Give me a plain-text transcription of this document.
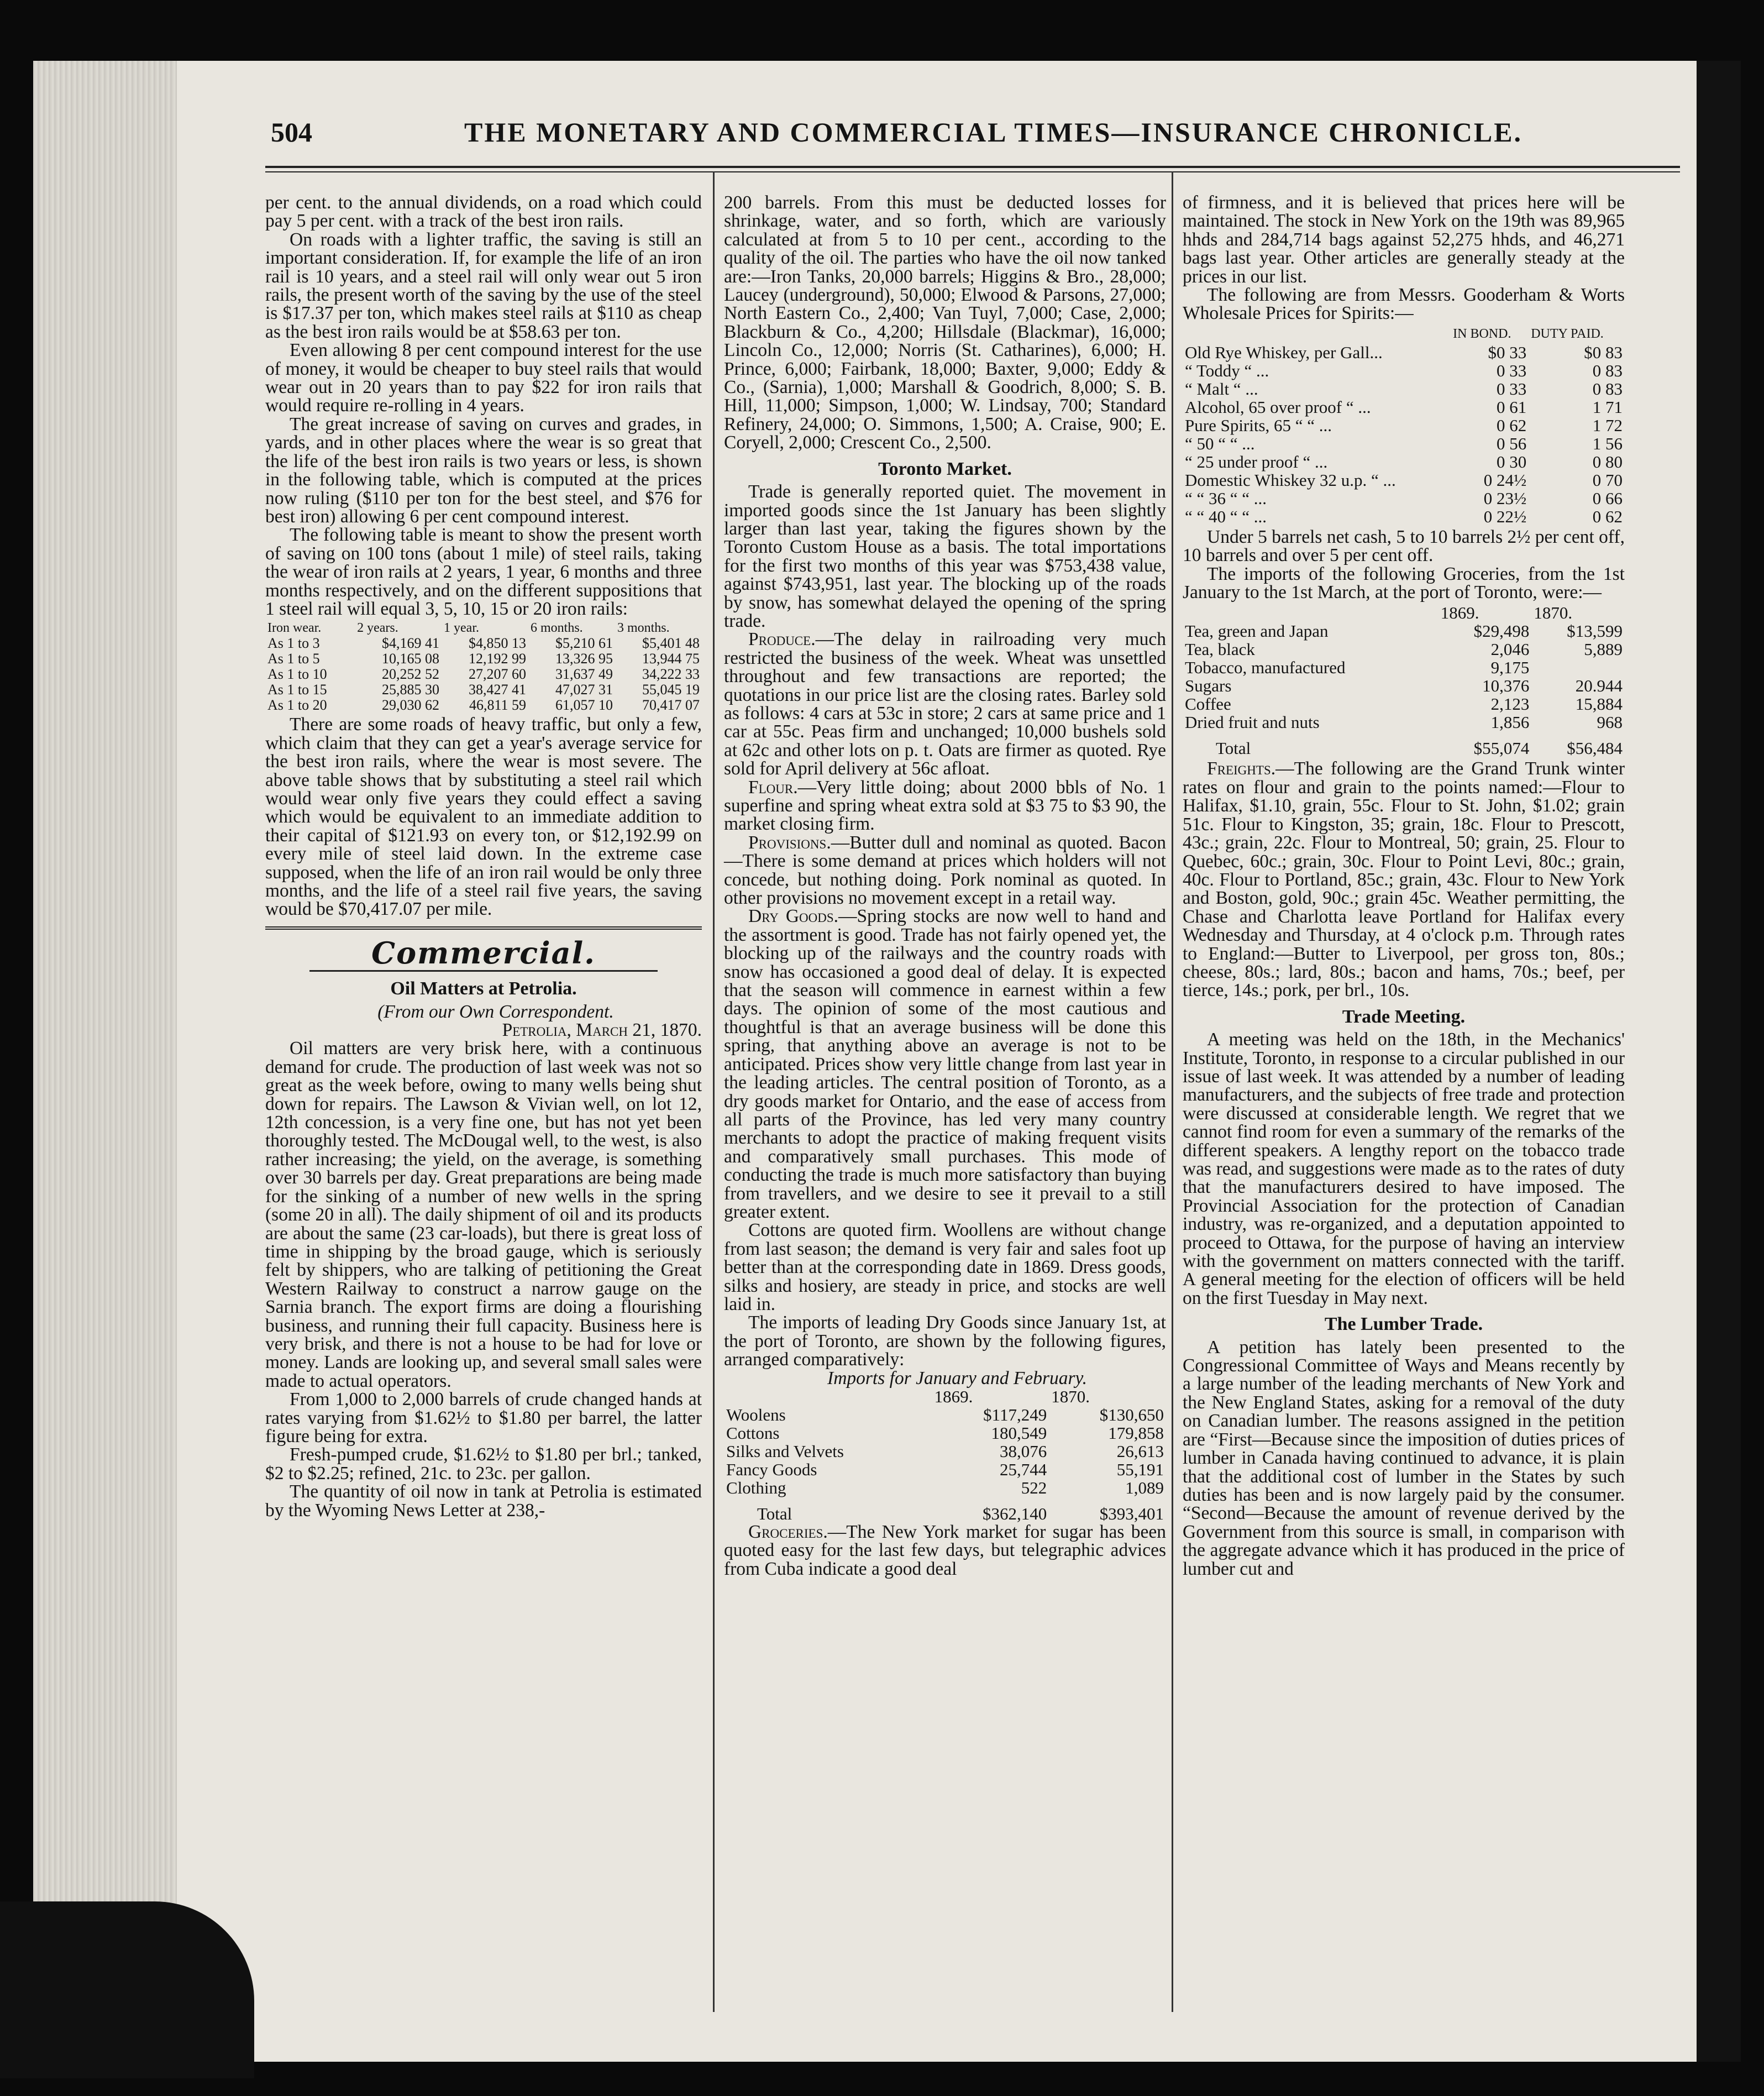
504	THE MONETARY AND COMMERCIAL TIMES—INSURANCE CHRONICLE.

per cent. to the annual dividends, on a road which could pay 5 per cent. with a track of the best iron rails.

On roads with a lighter traffic, the saving is still an important consideration. If, for example the life of an iron rail is 10 years, and a steel rail will only wear out 5 iron rails, the present worth of the saving by the use of the steel is $17.37 per ton, which makes steel rails at $110 as cheap as the best iron rails would be at $58.63 per ton.

Even allowing 8 per cent compound interest for the use of money, it would be cheaper to buy steel rails that would wear out in 20 years than to pay $22 for iron rails that would require re-rolling in 4 years.

The great increase of saving on curves and grades, in yards, and in other places where the wear is so great that the life of the best iron rails is two years or less, is shown in the following table, which is computed at the prices now ruling ($110 per ton for the best steel, and $76 for best iron) allowing 6 per cent compound interest.

The following table is meant to show the present worth of saving on 100 tons (about 1 mile) of steel rails, taking the wear of iron rails at 2 years, 1 year, 6 months and three months respectively, and on the different suppositions that 1 steel rail will equal 3, 5, 10, 15 or 20 iron rails:

Iron wear.	2 years.	1 year.	6 months.	3 months.
As 1 to 3	$4,169 41	$4,850 13	$5,210 61	$5,401 48
As 1 to 5	10,165 08	12,192 99	13,326 95	13,944 75
As 1 to 10	20,252 52	27,207 60	31,637 49	34,222 33
As 1 to 15	25,885 30	38,427 41	47,027 31	55,045 19
As 1 to 20	29,030 62	46,811 59	61,057 10	70,417 07

There are some roads of heavy traffic, but only a few, which claim that they can get a year's average service for the best iron rails, where the wear is most severe. The above table shows that by substituting a steel rail which would wear only five years they could effect a saving which would be equivalent to an immediate addition to their capital of $121.93 on every ton, or $12,192.99 on every mile of steel laid down. In the extreme case supposed, when the life of an iron rail would be only three months, and the life of a steel rail five years, the saving would be $70,417.07 per mile.

Commercial.
Oil Matters at Petrolia.

(From our Own Correspondent.

Petrolia, March 21, 1870.

Oil matters are very brisk here, with a continuous demand for crude. The production of last week was not so great as the week before, owing to many wells being shut down for repairs. The Lawson & Vivian well, on lot 12, 12th concession, is a very fine one, but has not yet been thoroughly tested. The McDougal well, to the west, is also rather increasing; the yield, on the average, is something over 30 barrels per day. Great preparations are being made for the sinking of a number of new wells in the spring (some 20 in all). The daily shipment of oil and its products are about the same (23 car-loads), but there is great loss of time in shipping by the broad gauge, which is seriously felt by shippers, who are talking of petitioning the Great Western Railway to construct a narrow gauge on the Sarnia branch. The export firms are doing a flourishing business, and running their full capacity. Business here is very brisk, and there is not a house to be had for love or money. Lands are looking up, and several small sales were made to actual operators.

From 1,000 to 2,000 barrels of crude changed hands at rates varying from $1.62½ to $1.80 per barrel, the latter figure being for extra.

Fresh-pumped crude, $1.62½ to $1.80 per brl.; tanked, $2 to $2.25; refined, 21c. to 23c. per gallon.

The quantity of oil now in tank at Petrolia is estimated by the Wyoming News Letter at 238,-

200 barrels. From this must be deducted losses for shrinkage, water, and so forth, which are variously calculated at from 5 to 10 per cent., according to the quality of the oil. The parties who have the oil now tanked are:—Iron Tanks, 20,000 barrels; Higgins & Bro., 28,000; Laucey (underground), 50,000; Elwood & Parsons, 27,000; North Eastern Co., 2,400; Van Tuyl, 7,000; Case, 2,000; Blackburn & Co., 4,200; Hillsdale (Blackmar), 16,000; Lincoln Co., 12,000; Norris (St. Catharines), 6,000; H. Prince, 6,000; Fairbank, 18,000; Baxter, 9,000; Eddy & Co., (Sarnia), 1,000; Marshall & Goodrich, 8,000; S. B. Hill, 11,000; Simpson, 1,000; W. Lindsay, 700; Standard Refinery, 24,000; O. Simmons, 1,500; A. Craise, 900; E. Coryell, 2,000; Crescent Co., 2,500.

Toronto Market.

Trade is generally reported quiet. The movement in imported goods since the 1st January has been slightly larger than last year, taking the figures shown by the Toronto Custom House as a basis. The total importations for the first two months of this year was $753,438 value, against $743,951, last year. The blocking up of the roads by snow, has somewhat delayed the opening of the spring trade.

Produce.—The delay in railroading very much restricted the business of the week. Wheat was unsettled throughout and few transactions are reported; the quotations in our price list are the closing rates. Barley sold as follows: 4 cars at 53c in store; 2 cars at same price and 1 car at 55c. Peas firm and unchanged; 10,000 bushels sold at 62c and other lots on p. t. Oats are firmer as quoted. Rye sold for April delivery at 56c afloat.

Flour.—Very little doing; about 2000 bbls of No. 1 superfine and spring wheat extra sold at $3 75 to $3 90, the market closing firm.

Provisions.—Butter dull and nominal as quoted. Bacon—There is some demand at prices which holders will not concede, but nothing doing. Pork nominal as quoted. In other provisions no movement except in a retail way.

Dry Goods.—Spring stocks are now well to hand and the assortment is good. Trade has not fairly opened yet, the blocking up of the railways and the country roads with snow has occasioned a good deal of delay. It is expected that the season will commence in earnest within a few days. The opinion of some of the most cautious and thoughtful is that an average business will be done this spring, that anything above an average is not to be anticipated. Prices show very little change from last year in the leading articles. The central position of Toronto, as a dry goods market for Ontario, and the ease of access from all parts of the Province, has led very many country merchants to adopt the practice of making frequent visits and comparatively small purchases. This mode of conducting the trade is much more satisfactory than buying from travellers, and we desire to see it prevail to a still greater extent.

Cottons are quoted firm. Woollens are without change from last season; the demand is very fair and sales foot up better than at the corresponding date in 1869. Dress goods, silks and hosiery, are steady in price, and stocks are well laid in.

The imports of leading Dry Goods since January 1st, at the port of Toronto, are shown by the following figures, arranged comparatively:

Imports for January and February.

	1869.	1870.
Woolens	$117,249	$130,650
Cottons	180,549	179,858
Silks and Velvets	38,076	26,613
Fancy Goods	25,744	55,191
Clothing	522	1,089
Total	$362,140	$393,401

Groceries.—The New York market for sugar has been quoted easy for the last few days, but telegraphic advices from Cuba indicate a good deal

of firmness, and it is believed that prices here will be maintained. The stock in New York on the 19th was 89,965 hhds and 284,714 bags against 52,275 hhds, and 46,271 bags last year. Other articles are generally steady at the prices in our list.

The following are from Messrs. Gooderham & Worts Wholesale Prices for Spirits:—

	IN BOND.	DUTY PAID.
Old Rye Whiskey, per Gall...	$0 33	$0 83
“ Toddy “ ...	0 33	0 83
“ Malt “ ...	0 33	0 83
Alcohol, 65 over proof “ ...	0 61	1 71
Pure Spirits, 65 “ “ ...	0 62	1 72
“ 50 “ “ ...	0 56	1 56
“ 25 under proof “ ...	0 30	0 80
Domestic Whiskey 32 u.p. “ ...	0 24½	0 70
“ “ 36 “ “ ...	0 23½	0 66
“ “ 40 “ “ ...	0 22½	0 62

Under 5 barrels net cash, 5 to 10 barrels 2½ per cent off, 10 barrels and over 5 per cent off.

The imports of the following Groceries, from the 1st January to the 1st March, at the port of Toronto, were:—

	1869.	1870.
Tea, green and Japan	$29,498	$13,599
Tea, black	2,046	5,889
Tobacco, manufactured	9,175	
Sugars	10,376	20.944
Coffee	2,123	15,884
Dried fruit and nuts	1,856	968
Total	$55,074	$56,484

Freights.—The following are the Grand Trunk winter rates on flour and grain to the points named:—Flour to Halifax, $1.10, grain, 55c. Flour to St. John, $1.02; grain 51c. Flour to Kingston, 35; grain, 18c. Flour to Prescott, 43c.; grain, 22c. Flour to Montreal, 50; grain, 25. Flour to Quebec, 60c.; grain, 30c. Flour to Point Levi, 80c.; grain, 40c. Flour to Portland, 85c.; grain, 43c. Flour to New York and Boston, gold, 90c.; grain 45c. Weather permitting, the Chase and Charlotta leave Portland for Halifax every Wednesday and Thursday, at 4 o'clock p.m. Through rates to England:—Butter to Liverpool, per gross ton, 80s.; cheese, 80s.; lard, 80s.; bacon and hams, 70s.; beef, per tierce, 14s.; pork, per brl., 10s.

Trade Meeting.

A meeting was held on the 18th, in the Mechanics' Institute, Toronto, in response to a circular published in our issue of last week. It was attended by a number of leading manufacturers, and the subjects of free trade and protection were discussed at considerable length. We regret that we cannot find room for even a summary of the remarks of the different speakers. A lengthy report on the tobacco trade was read, and suggestions were made as to the rates of duty that the manufacturers desired to have imposed. The Provincial Association for the protection of Canadian industry, was re-organized, and a deputation appointed to proceed to Ottawa, for the purpose of having an interview with the government on matters connected with the tariff. A general meeting for the election of officers will be held on the first Tuesday in May next.

The Lumber Trade.

A petition has lately been presented to the Congressional Committee of Ways and Means recently by a large number of the leading merchants of New York and the New England States, asking for a removal of the duty on Canadian lumber. The reasons assigned in the petition are “First—Because since the imposition of duties prices of lumber in Canada having continued to advance, it is plain that the additional cost of lumber in the States by such duties has been and is now largely paid by the consumer. “Second—Because the amount of revenue derived by the Government from this source is small, in comparison with the aggregate advance which it has produced in the price of lumber cut and
